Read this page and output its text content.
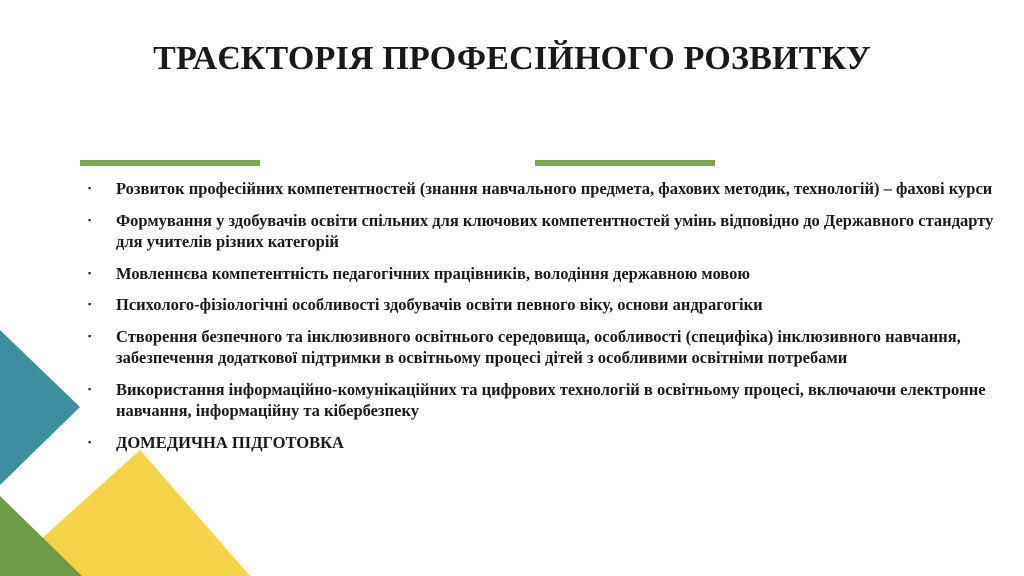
ТРАЄКТОРІЯ ПРОФЕСІЙНОГО РОЗВИТКУ
▪ Розвиток професійних компетентностей (знання навчального предмета, фахових методик, технологій) – фахові курси
▪ Формування у здобувачів освіти спільних для ключових компетентностей умінь відповідно до Державного стандарту для учителів різних категорій
▪ Мовленнєва компетентність педагогічних працівників, володіння державною мовою
▪ Психолого-фізіологічні особливості здобувачів освіти певного віку, основи андрагогіки
▪ Створення безпечного та інклюзивного освітнього середовища, особливості (специфіка) інклюзивного навчання, забезпечення додаткової підтримки в освітньому процесі дітей з особливими освітніми потребами
▪ Використання інформаційно-комунікаційних та цифрових технологій в освітньому процесі, включаючи електронне навчання, інформаційну та кібербезпеку
▪ ДОМЕДИЧНА ПІДГОТОВКА
